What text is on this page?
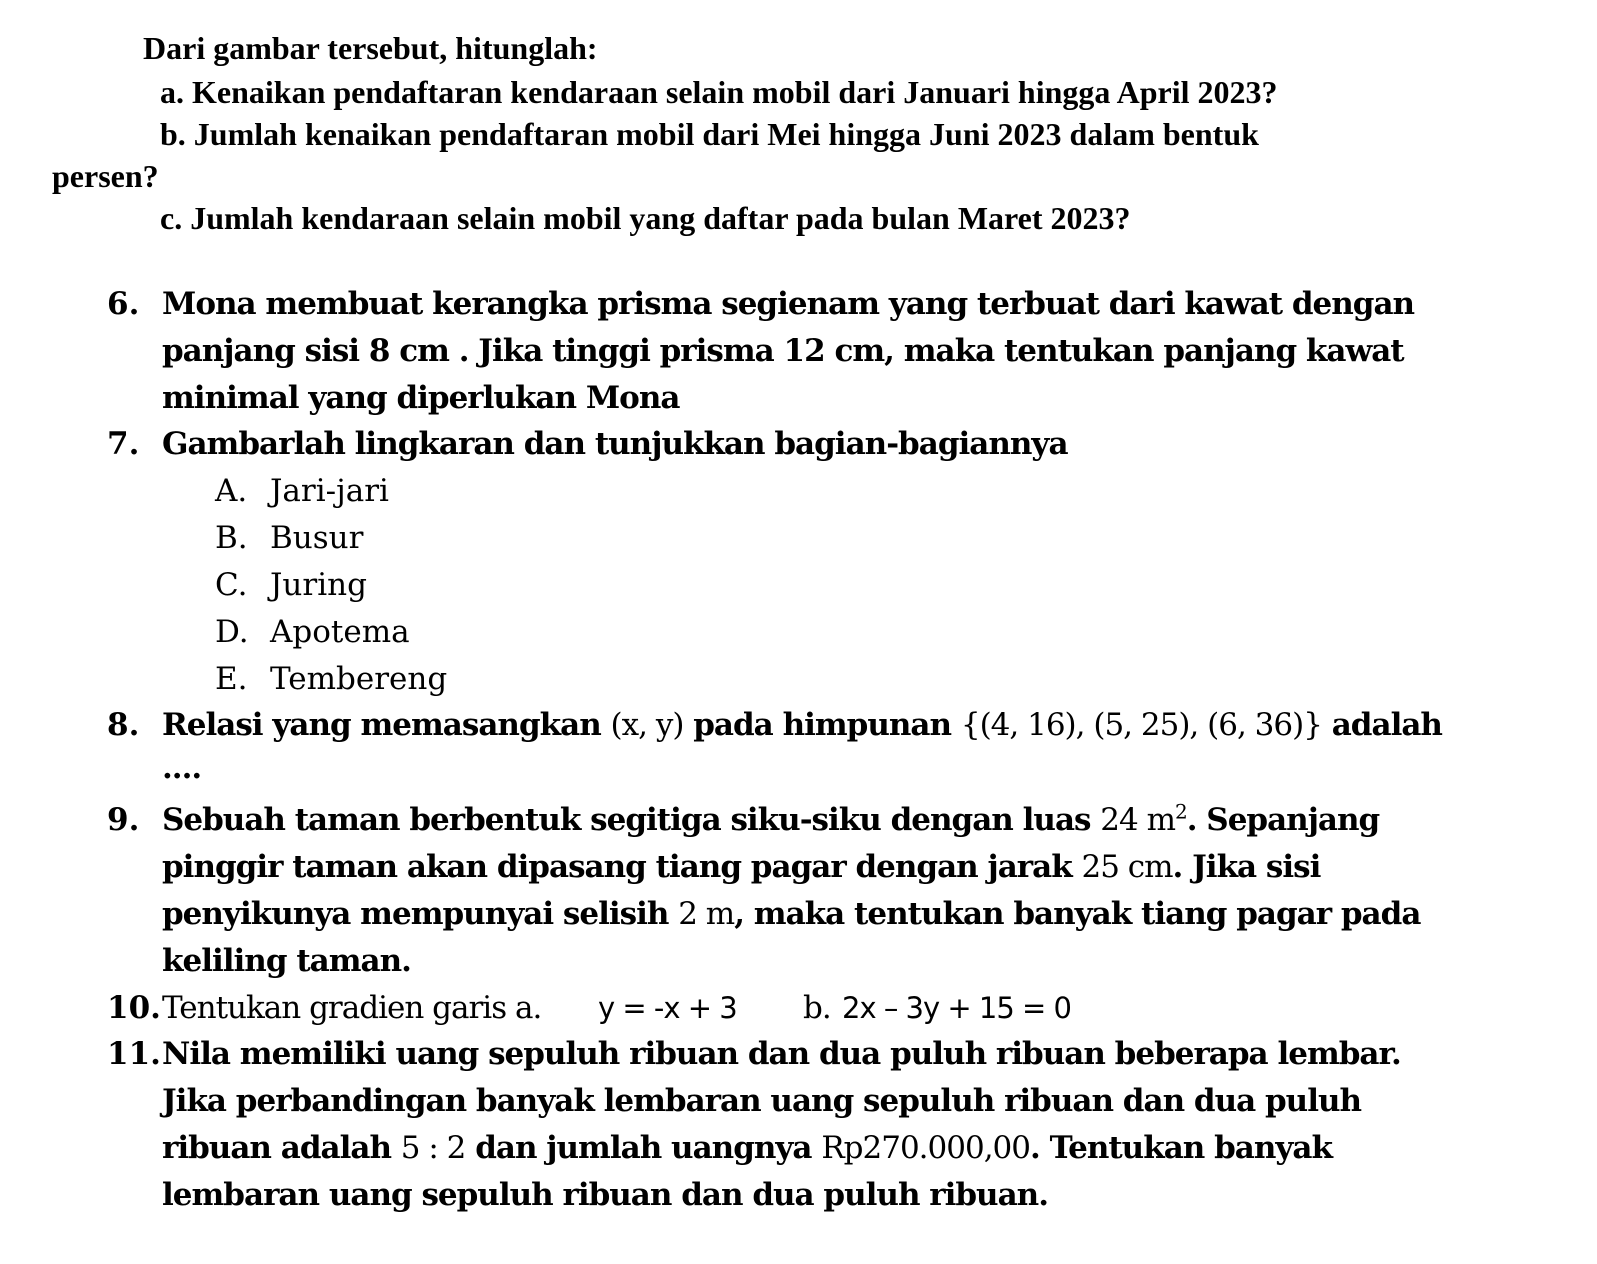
Dari gambar tersebut, hitunglah:
a. Kenaikan pendaftaran kendaraan selain mobil dari Januari hingga April 2023?
b. Jumlah kenaikan pendaftaran mobil dari Mei hingga Juni 2023 dalam bentuk
persen?
c. Jumlah kendaraan selain mobil yang daftar pada bulan Maret 2023?
6. Mona membuat kerangka prisma segienam yang terbuat dari kawat dengan
panjang sisi 8 cm . Jika tinggi prisma 12 cm, maka tentukan panjang kawat
minimal yang diperlukan Mona
7. Gambarlah lingkaran dan tunjukkan bagian-bagiannya
A. Jari-jari
B. Busur
C. Juring
D. Apotema
E. Tembereng
8. Relasi yang memasangkan (x, y) pada himpunan {(4, 16), (5, 25), (6, 36)} adalah
....
9. Sebuah taman berbentuk segitiga siku-siku dengan luas 24 $m^2$. Sepanjang
pinggir taman akan dipasang tiang pagar dengan jarak 25 cm. Jika sisi
penyikunya mempunyai selisih 2 m, maka tentukan banyak tiang pagar pada
keliling taman.
10. Tentukan gradien garis a. y = -x + 3 b. 2x – 3y + 15 = 0
11. Nila memiliki uang sepuluh ribuan dan dua puluh ribuan beberapa lembar.
Jika perbandingan banyak lembaran uang sepuluh ribuan dan dua puluh
ribuan adalah 5 : 2 dan jumlah uangnya Rp270.000,00. Tentukan banyak
lembaran uang sepuluh ribuan dan dua puluh ribuan.
